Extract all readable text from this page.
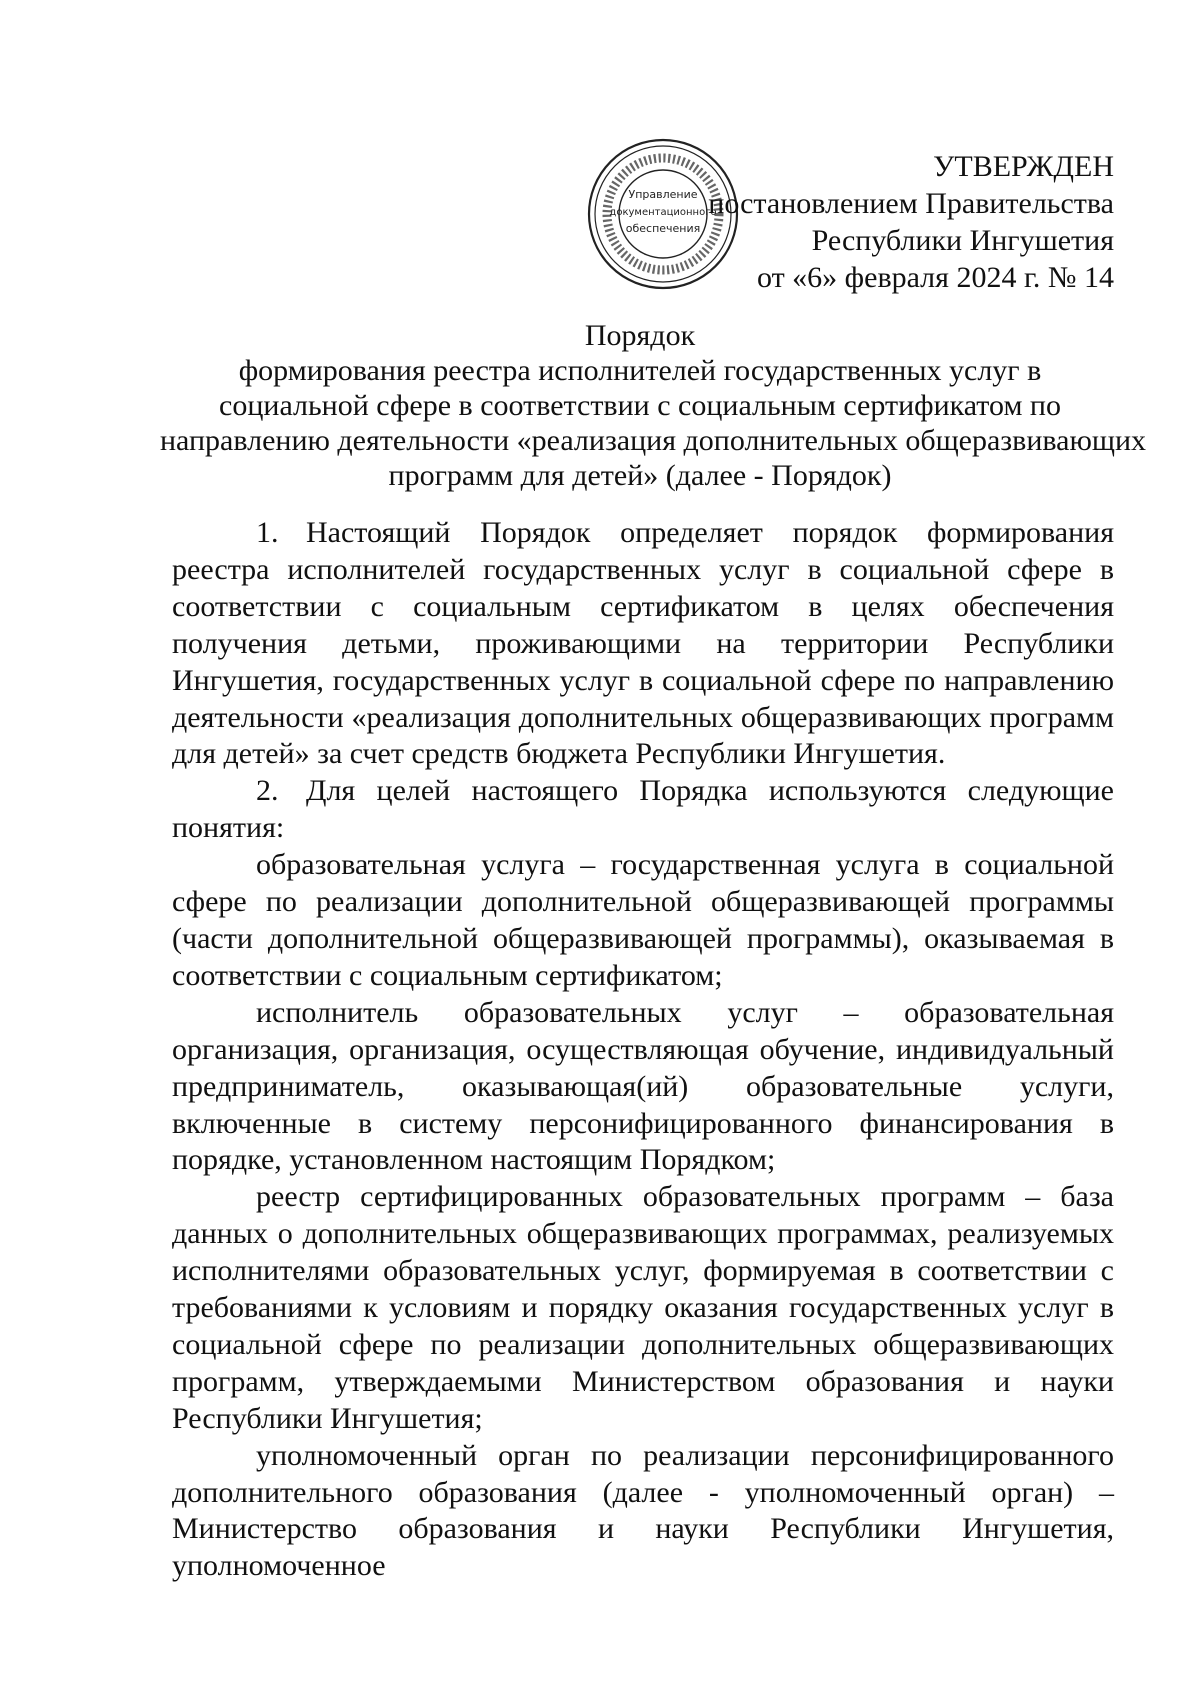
Управление
документационного
обеспечения
УТВЕРЖДЕН
постановлением Правительства
Республики Ингушетия
от «6» февраля 2024 г. № 14
Порядок
формирования реестра исполнителей государственных услуг в
социальной сфере в соответствии с социальным сертификатом по
направлению деятельности «реализация дополнительных общеразвивающих
программ для детей» (далее - Порядок)

1. Настоящий Порядок определяет порядок формирования реестра исполнителей государственных услуг в социальной сфере в соответствии с социальным сертификатом в целях обеспечения получения детьми, проживающими на территории Республики Ингушетия, государственных услуг в социальной сфере по направлению деятельности «реализация дополнительных общеразвивающих программ для детей» за счет средств бюджета Республики Ингушетия.

2. Для целей настоящего Порядка используются следующие понятия:

образовательная услуга – государственная услуга в социальной сфере по реализации дополнительной общеразвивающей программы (части дополнительной общеразвивающей программы), оказываемая в соответствии с социальным сертификатом;

исполнитель образовательных услуг – образовательная организация, организация, осуществляющая обучение, индивидуальный предприниматель, оказывающая(ий) образовательные услуги, включенные в систему персонифицированного финансирования в порядке, установленном настоящим Порядком;

реестр сертифицированных образовательных программ – база данных о дополнительных общеразвивающих программах, реализуемых исполнителями образовательных услуг, формируемая в соответствии с требованиями к условиям и порядку оказания государственных услуг в социальной сфере по реализации дополнительных общеразвивающих программ, утверждаемыми Министерством образования и науки Республики Ингушетия;

уполномоченный орган по реализации персонифицированного дополнительного образования (далее - уполномоченный орган) – Министерство образования и науки Республики Ингушетия, уполномоченное
